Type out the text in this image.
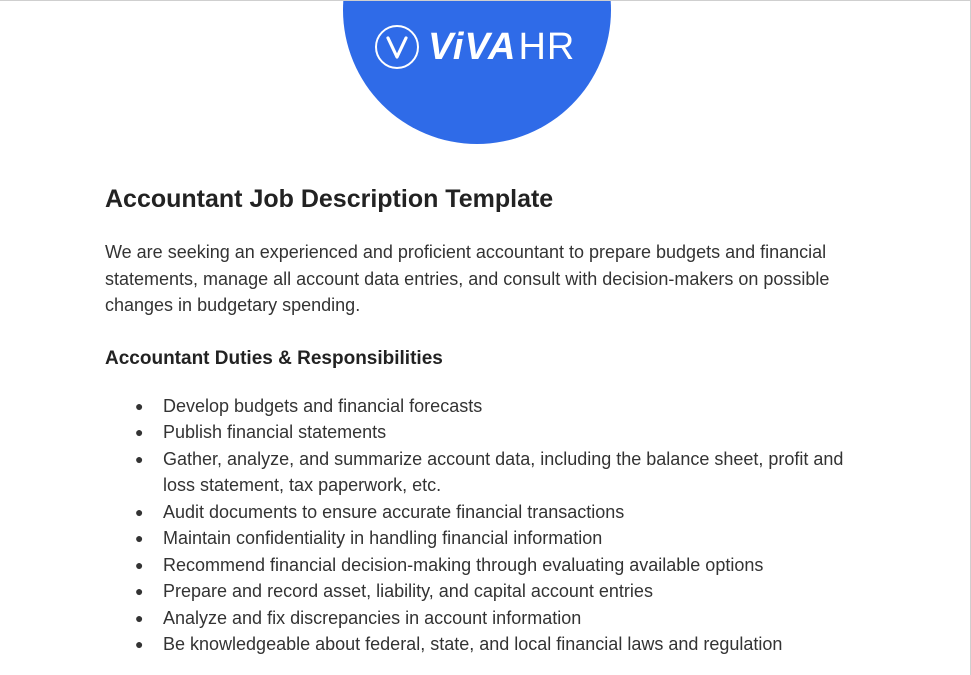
ViVA HR
Accountant Job Description Template

We are seeking an experienced and proficient accountant to prepare budgets and financial statements, manage all account data entries, and consult with decision-makers on possible changes in budgetary spending.

Accountant Duties & Responsibilities
● Develop budgets and financial forecasts
● Publish financial statements
● Gather, analyze, and summarize account data, including the balance sheet, profit and loss statement, tax paperwork, etc.
● Audit documents to ensure accurate financial transactions
● Maintain confidentiality in handling financial information
● Recommend financial decision-making through evaluating available options
● Prepare and record asset, liability, and capital account entries
● Analyze and fix discrepancies in account information
● Be knowledgeable about federal, state, and local financial laws and regulation
